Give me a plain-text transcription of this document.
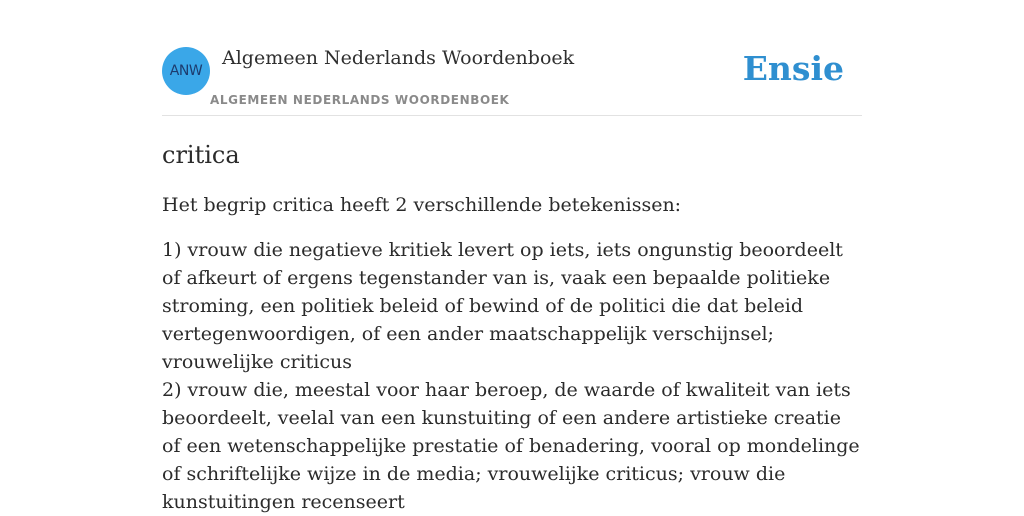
ANW
Algemeen Nederlands Woordenboek
ALGEMEEN NEDERLANDS WOORDENBOEK
Ensie
critica

Het begrip critica heeft 2 verschillende betekenissen:

1) vrouw die negatieve kritiek levert op iets, iets ongunstig beoordeelt of afkeurt of ergens tegenstander van is, vaak een bepaalde politieke stroming, een politiek beleid of bewind of de politici die dat beleid vertegenwoordigen, of een ander maatschappelijk verschijnsel; vrouwelijke criticus

2) vrouw die, meestal voor haar beroep, de waarde of kwaliteit van iets beoordeelt, veelal van een kunstuiting of een andere artistieke creatie of een wetenschappelijke prestatie of benadering, vooral op mondelinge of schriftelijke wijze in de media; vrouwelijke criticus; vrouw die kunstuitingen recenseert
